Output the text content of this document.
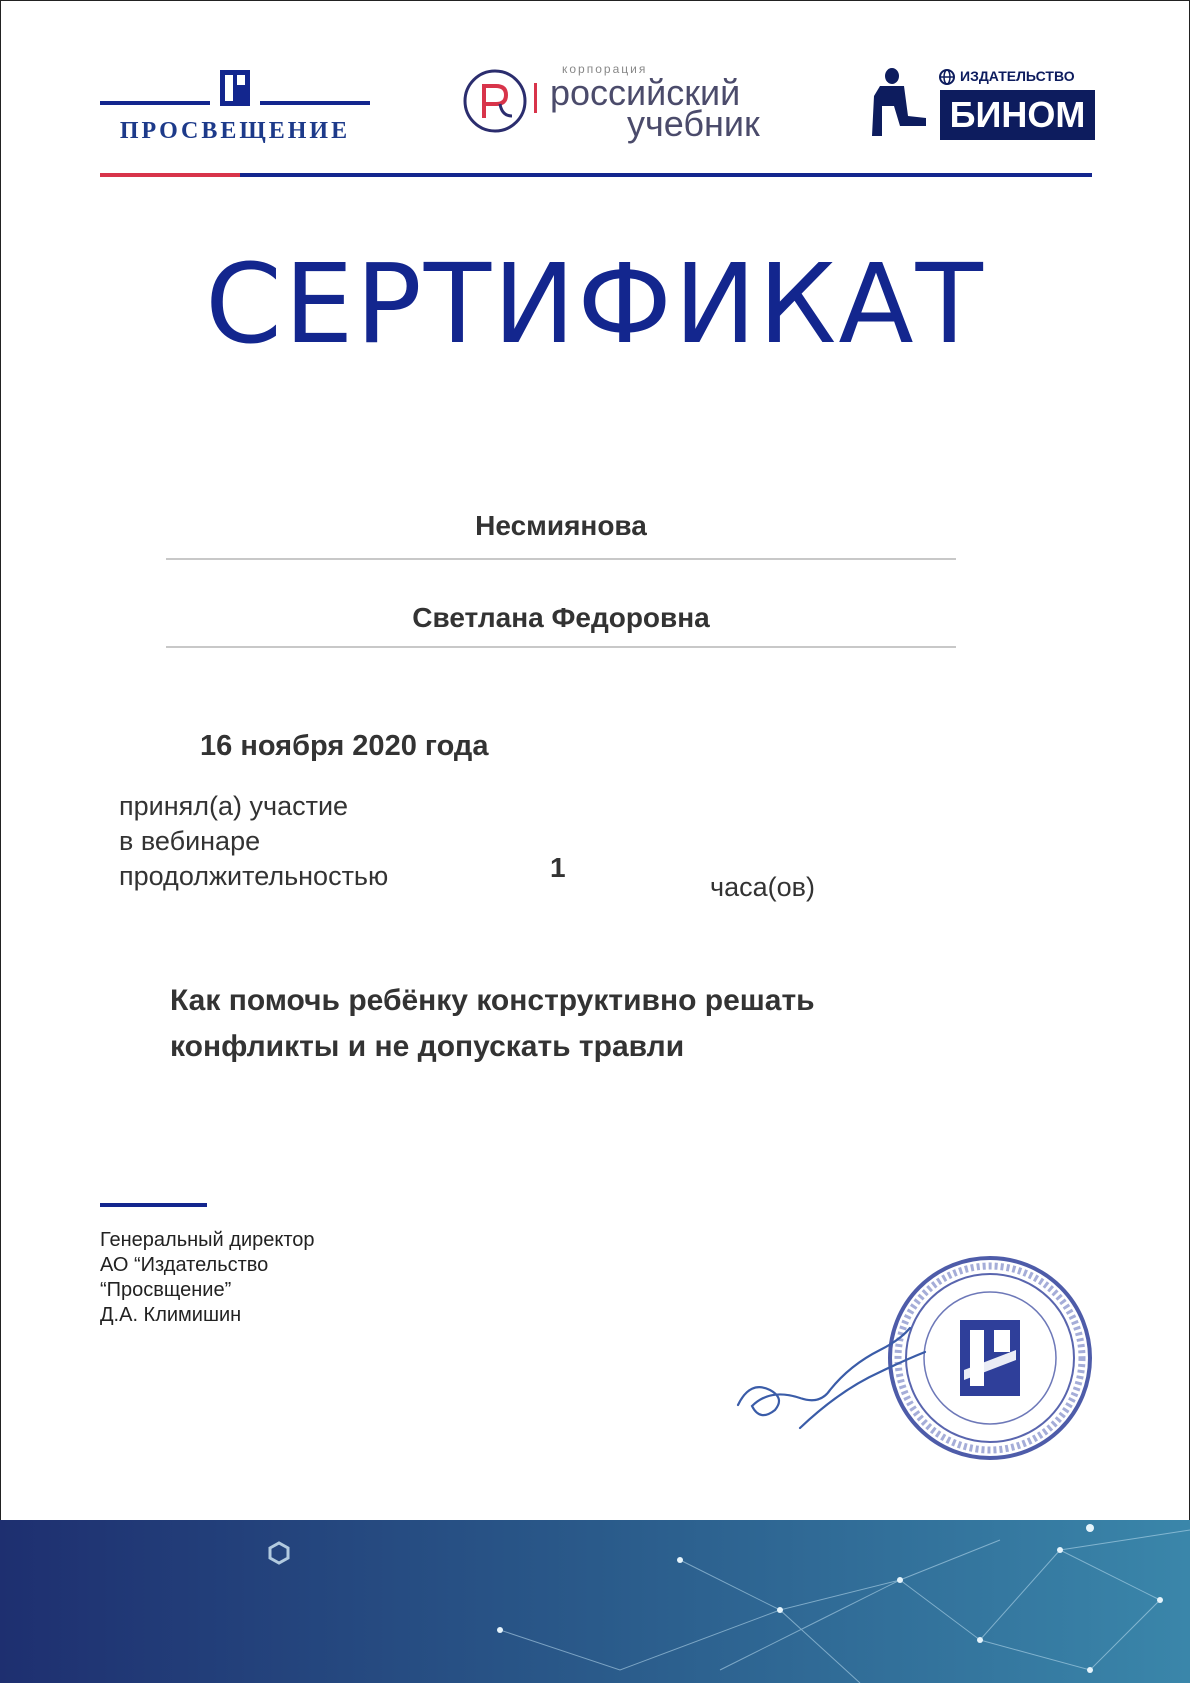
ПРОСВЕЩЕНИЕ
корпорация
российский
учебник
ИЗДАТЕЛЬСТВО
БИНОМ
СЕРТИФИКАТ
Несмиянова
Светлана Федоровна
16 ноября 2020 года
принял(а) участие
в вебинаре
продолжительностью	1
часа(ов)
Как помочь ребёнку конструктивно решать
конфликты и не допускать травли
Генеральный директор
АО “Издательство
“Просвщение”
Д.А. Климишин
